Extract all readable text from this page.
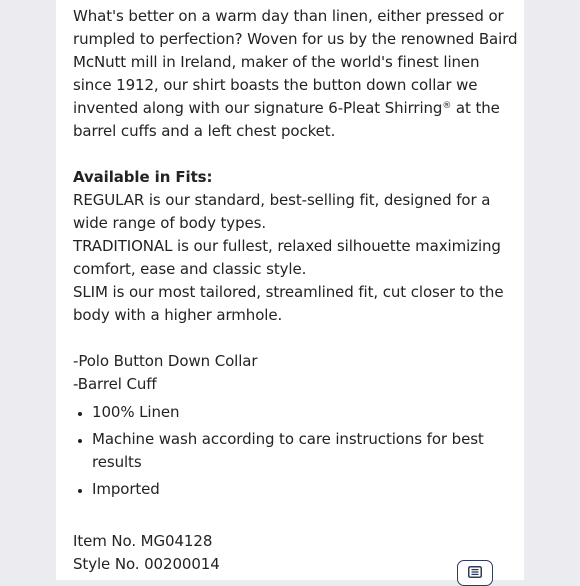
What's better on a warm day than linen, either pressed or rumpled to perfection? Woven for us by the renowned Baird McNutt mill in Ireland, maker of the world's finest linen since 1912, our shirt boasts the button down collar we invented along with our signature 6-Pleat Shirring® at the barrel cuffs and a left chest pocket.

Available in Fits:

REGULAR is our standard, best-selling fit, designed for a wide range of body types.

TRADITIONAL is our fullest, relaxed silhouette maximizing comfort, ease and classic style.

SLIM is our most tailored, streamlined fit, cut closer to the body with a higher armhole.

-Polo Button Down Collar

-Barrel Cuff

• 100% Linen
• Machine wash according to care instructions for best results
• Imported

Item No. MG04128

Style No. 00200014
